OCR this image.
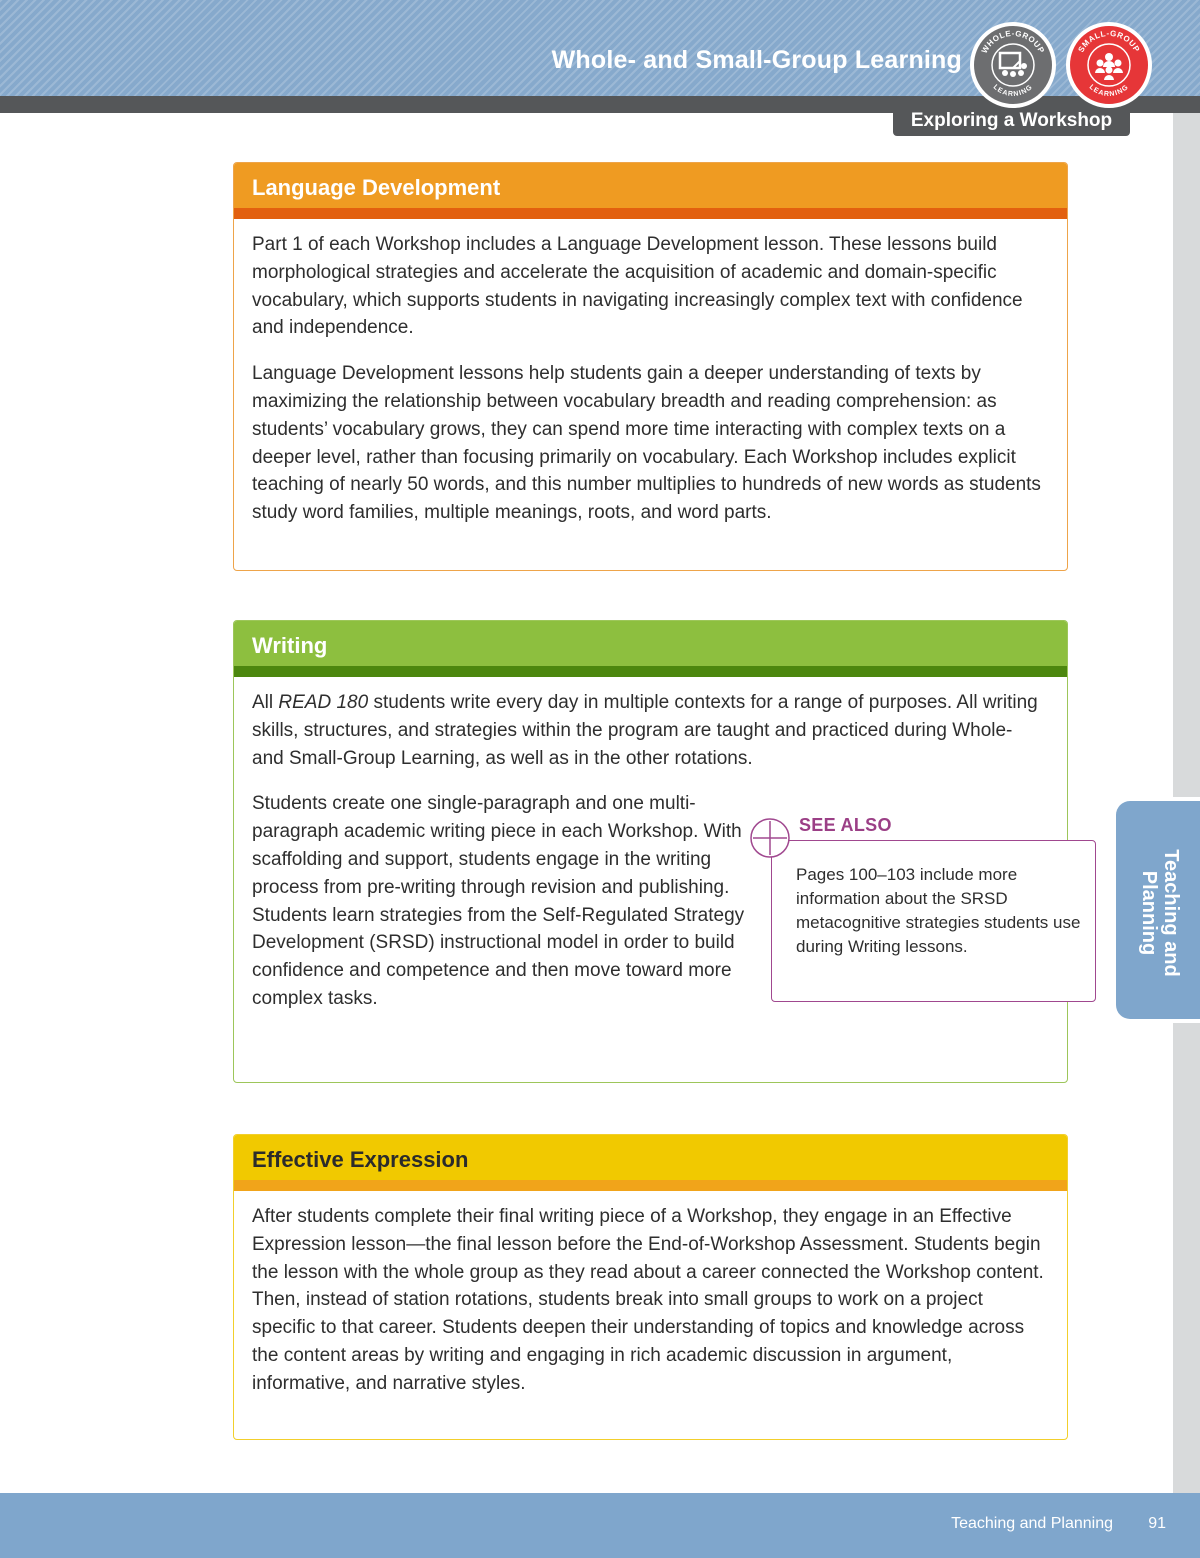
Whole- and Small-Group Learning WHOLE-GROUP
LEARNING
SMALL-GROUP
LEARNING
Exploring a Workshop
Teaching and Planning
Language Development

Part 1 of each Workshop includes a Language Development lesson. These lessons build morphological strategies and accelerate the acquisition of academic and domain-specific vocabulary, which supports students in navigating increasingly complex text with confidence and independence.

Language Development lessons help students gain a deeper understanding of texts by maximizing the relationship between vocabulary breadth and reading comprehension: as students’ vocabulary grows, they can spend more time interacting with complex texts on a deeper level, rather than focusing primarily on vocabulary. Each Workshop includes explicit teaching of nearly 50 words, and this number multiplies to hundreds of new words as students study word families, multiple meanings, roots, and word parts.

Writing

All READ 180 students write every day in multiple contexts for a range of purposes. All writing skills, structures, and strategies within the program are taught and practiced during Whole- and Small-Group Learning, as well as in the other rotations.

Students create one single-paragraph and one multi-paragraph academic writing piece in each Workshop. With scaffolding and support, students engage in the writing process from pre-writing through revision and publishing. Students learn strategies from the Self-Regulated Strategy Development (SRSD) instructional model in order to build confidence and competence and then move toward more complex tasks.

Pages 100–103 include more information about the SRSD metacognitive strategies students use during Writing lessons.
SEE ALSO
Effective Expression

After students complete their final writing piece of a Workshop, they engage in an Effective Expression lesson—the final lesson before the End-of-Workshop Assessment. Students begin the lesson with the whole group as they read about a career connected the Workshop content. Then, instead of station rotations, students break into small groups to work on a project specific to that career. Students deepen their understanding of topics and knowledge across the content areas by writing and engaging in rich academic discussion in argument, informative, and narrative styles.

Teaching and Planning 91
